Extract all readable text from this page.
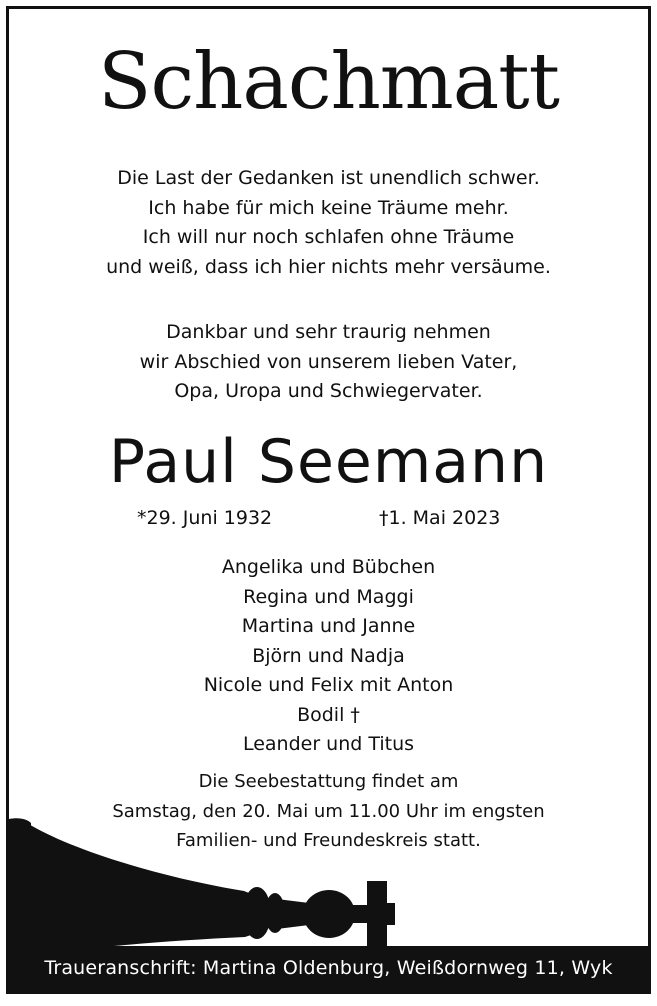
Schachmatt
Die Last der Gedanken ist unendlich schwer.
Ich habe für mich keine Träume mehr.
Ich will nur noch schlafen ohne Träume
und weiß, dass ich hier nichts mehr versäume.
Dankbar und sehr traurig nehmen
wir Abschied von unserem lieben Vater,
Opa, Uropa und Schwiegervater.
Paul Seemann
*29. Juni 1932	†1. Mai 2023
Angelika und Bübchen
Regina und Maggi
Martina und Janne
Björn und Nadja
Nicole und Felix mit Anton
Bodil †
Leander und Titus
Die Seebestattung findet am
Samstag, den 20. Mai um 11.00 Uhr im engsten
Familien- und Freundeskreis statt.
Traueranschrift: Martina Oldenburg, Weißdornweg 11, Wyk
